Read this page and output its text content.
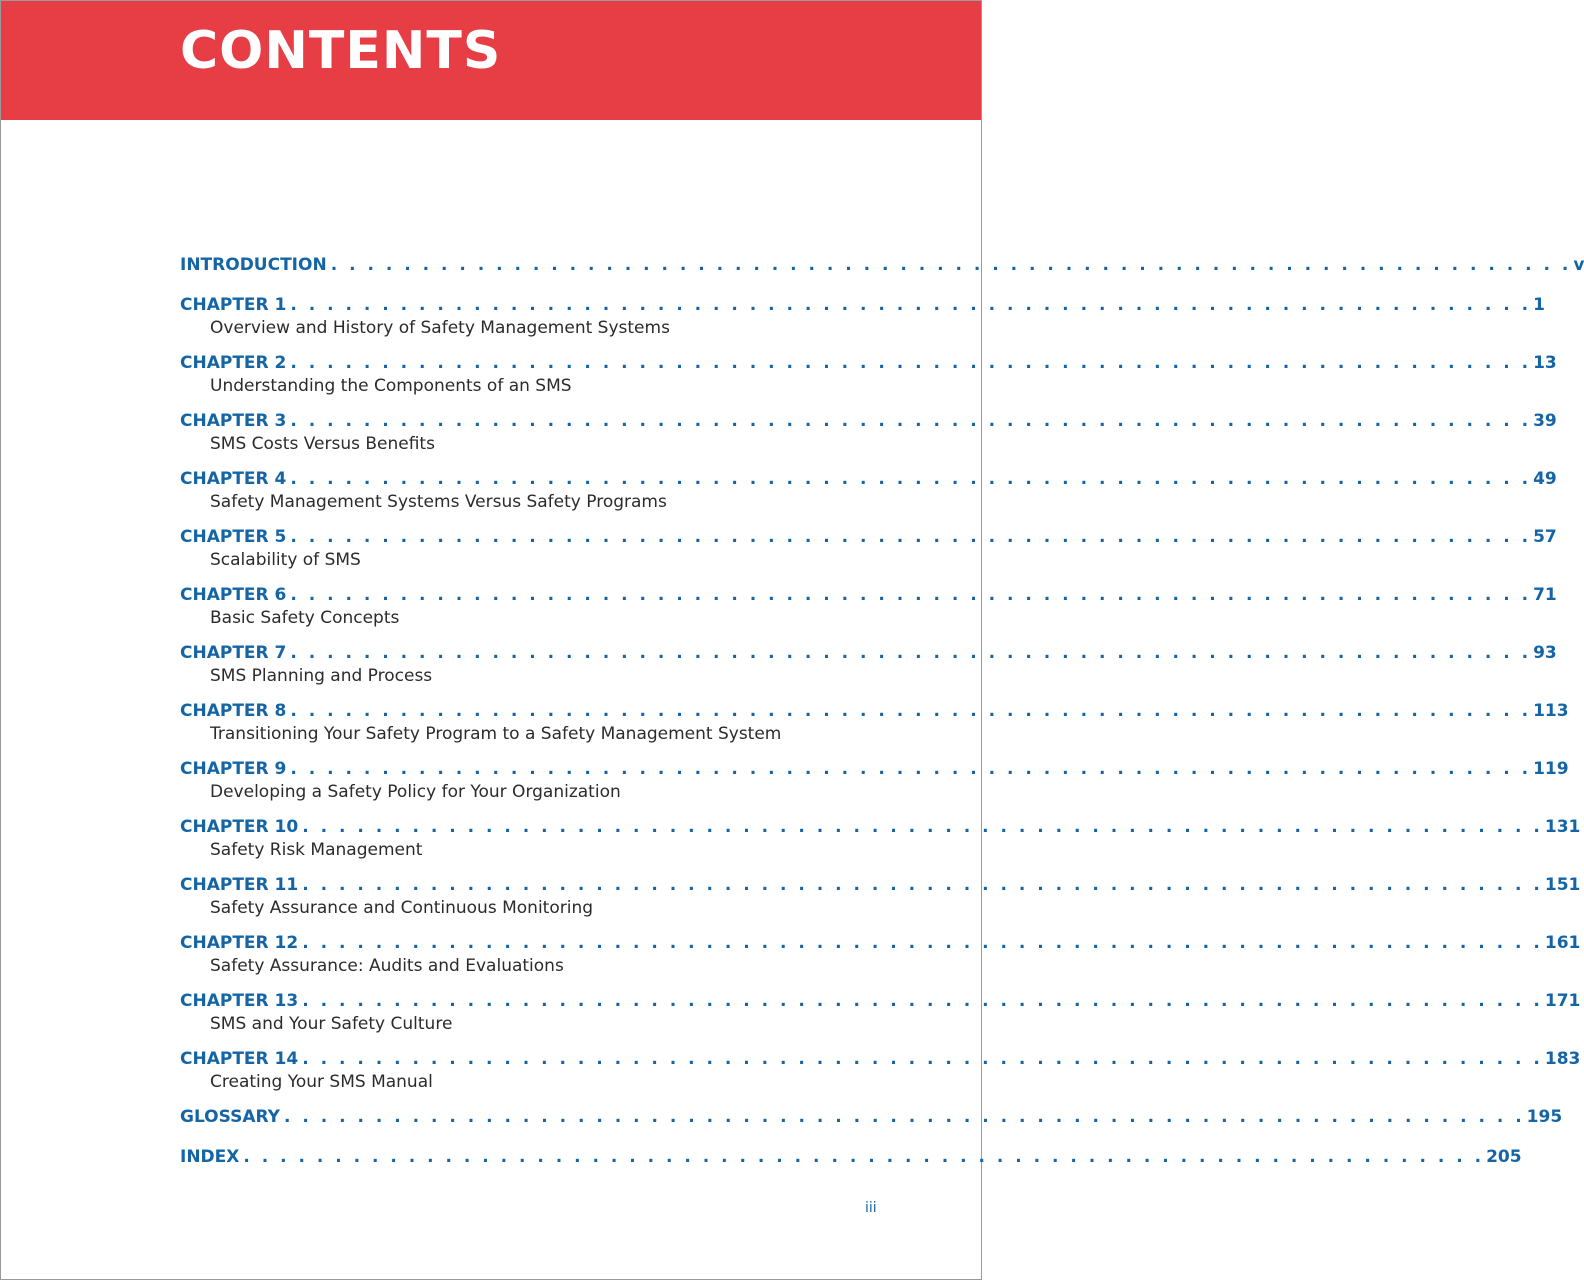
CONTENTS
INTRODUCTION . . . . . . . . . . . . . . . . . . . . . . . . . . . . . . . . . . . . . . . . . . . . . . . . . . . . . . . . . . . . . . . . . . . . v
CHAPTER 1 . . . . . . . . . . . . . . . . . . . . . . . . . . . . . . . . . . . . . . . . . . . . . . . . . . . . . . . . . . . . . . . . . . . . 1
Overview and History of Safety Management Systems
CHAPTER 2 . . . . . . . . . . . . . . . . . . . . . . . . . . . . . . . . . . . . . . . . . . . . . . . . . . . . . . . . . . . . . . . . . . . . 13
Understanding the Components of an SMS
CHAPTER 3 . . . . . . . . . . . . . . . . . . . . . . . . . . . . . . . . . . . . . . . . . . . . . . . . . . . . . . . . . . . . . . . . . . . . 39
SMS Costs Versus Benefits
CHAPTER 4 . . . . . . . . . . . . . . . . . . . . . . . . . . . . . . . . . . . . . . . . . . . . . . . . . . . . . . . . . . . . . . . . . . . . 49
Safety Management Systems Versus Safety Programs
CHAPTER 5 . . . . . . . . . . . . . . . . . . . . . . . . . . . . . . . . . . . . . . . . . . . . . . . . . . . . . . . . . . . . . . . . . . . . 57
Scalability of SMS
CHAPTER 6 . . . . . . . . . . . . . . . . . . . . . . . . . . . . . . . . . . . . . . . . . . . . . . . . . . . . . . . . . . . . . . . . . . . . 71
Basic Safety Concepts
CHAPTER 7 . . . . . . . . . . . . . . . . . . . . . . . . . . . . . . . . . . . . . . . . . . . . . . . . . . . . . . . . . . . . . . . . . . . . 93
SMS Planning and Process
CHAPTER 8 . . . . . . . . . . . . . . . . . . . . . . . . . . . . . . . . . . . . . . . . . . . . . . . . . . . . . . . . . . . . . . . . . . . . 113
Transitioning Your Safety Program to a Safety Management System
CHAPTER 9 . . . . . . . . . . . . . . . . . . . . . . . . . . . . . . . . . . . . . . . . . . . . . . . . . . . . . . . . . . . . . . . . . . . . 119
Developing a Safety Policy for Your Organization
CHAPTER 10 . . . . . . . . . . . . . . . . . . . . . . . . . . . . . . . . . . . . . . . . . . . . . . . . . . . . . . . . . . . . . . . . . . . . 131
Safety Risk Management
CHAPTER 11 . . . . . . . . . . . . . . . . . . . . . . . . . . . . . . . . . . . . . . . . . . . . . . . . . . . . . . . . . . . . . . . . . . . . 151
Safety Assurance and Continuous Monitoring
CHAPTER 12 . . . . . . . . . . . . . . . . . . . . . . . . . . . . . . . . . . . . . . . . . . . . . . . . . . . . . . . . . . . . . . . . . . . . 161
Safety Assurance: Audits and Evaluations
CHAPTER 13 . . . . . . . . . . . . . . . . . . . . . . . . . . . . . . . . . . . . . . . . . . . . . . . . . . . . . . . . . . . . . . . . . . . . 171
SMS and Your Safety Culture
CHAPTER 14 . . . . . . . . . . . . . . . . . . . . . . . . . . . . . . . . . . . . . . . . . . . . . . . . . . . . . . . . . . . . . . . . . . . . 183
Creating Your SMS Manual
GLOSSARY . . . . . . . . . . . . . . . . . . . . . . . . . . . . . . . . . . . . . . . . . . . . . . . . . . . . . . . . . . . . . . . . . . . . 195
INDEX . . . . . . . . . . . . . . . . . . . . . . . . . . . . . . . . . . . . . . . . . . . . . . . . . . . . . . . . . . . . . . . . . . . . 205
iii
